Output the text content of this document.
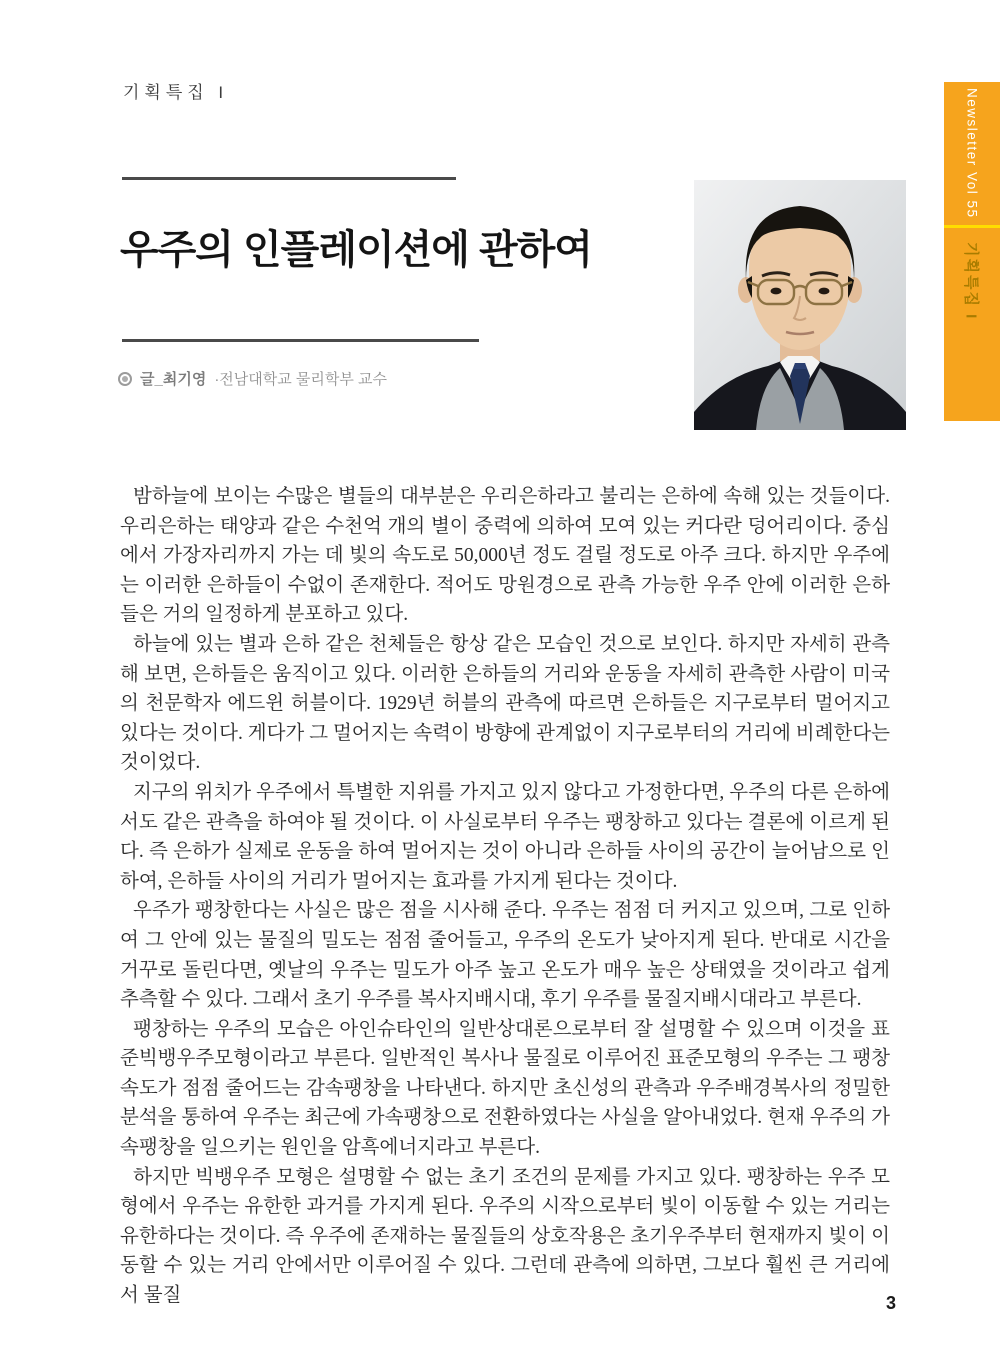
기획특집 I
우주의 인플레이션에 관하여
글_최기영 ·전남대학교 물리학부 교수
Newsletter Vol 55
기획특집 I

밤하늘에 보이는 수많은 별들의 대부분은 우리은하라고 불리는 은하에 속해 있는 것들이다. 우리은하는 태양과 같은 수천억 개의 별이 중력에 의하여 모여 있는 커다란 덩어리이다. 중심에서 가장자리까지 가는 데 빛의 속도로 50,000년 정도 걸릴 정도로 아주 크다. 하지만 우주에는 이러한 은하들이 수없이 존재한다. 적어도 망원경으로 관측 가능한 우주 안에 이러한 은하들은 거의 일정하게 분포하고 있다.

하늘에 있는 별과 은하 같은 천체들은 항상 같은 모습인 것으로 보인다. 하지만 자세히 관측해 보면, 은하들은 움직이고 있다. 이러한 은하들의 거리와 운동을 자세히 관측한 사람이 미국의 천문학자 에드윈 허블이다. 1929년 허블의 관측에 따르면 은하들은 지구로부터 멀어지고 있다는 것이다. 게다가 그 멀어지는 속력이 방향에 관계없이 지구로부터의 거리에 비례한다는 것이었다.

지구의 위치가 우주에서 특별한 지위를 가지고 있지 않다고 가정한다면, 우주의 다른 은하에서도 같은 관측을 하여야 될 것이다. 이 사실로부터 우주는 팽창하고 있다는 결론에 이르게 된다. 즉 은하가 실제로 운동을 하여 멀어지는 것이 아니라 은하들 사이의 공간이 늘어남으로 인하여, 은하들 사이의 거리가 멀어지는 효과를 가지게 된다는 것이다.

우주가 팽창한다는 사실은 많은 점을 시사해 준다. 우주는 점점 더 커지고 있으며, 그로 인하여 그 안에 있는 물질의 밀도는 점점 줄어들고, 우주의 온도가 낮아지게 된다. 반대로 시간을 거꾸로 돌린다면, 옛날의 우주는 밀도가 아주 높고 온도가 매우 높은 상태였을 것이라고 쉽게 추측할 수 있다. 그래서 초기 우주를 복사지배시대, 후기 우주를 물질지배시대라고 부른다.

팽창하는 우주의 모습은 아인슈타인의 일반상대론으로부터 잘 설명할 수 있으며 이것을 표준빅뱅우주모형이라고 부른다. 일반적인 복사나 물질로 이루어진 표준모형의 우주는 그 팽창속도가 점점 줄어드는 감속팽창을 나타낸다. 하지만 초신성의 관측과 우주배경복사의 정밀한 분석을 통하여 우주는 최근에 가속팽창으로 전환하였다는 사실을 알아내었다. 현재 우주의 가속팽창을 일으키는 원인을 암흑에너지라고 부른다.

하지만 빅뱅우주 모형은 설명할 수 없는 초기 조건의 문제를 가지고 있다. 팽창하는 우주 모형에서 우주는 유한한 과거를 가지게 된다. 우주의 시작으로부터 빛이 이동할 수 있는 거리는 유한하다는 것이다. 즉 우주에 존재하는 물질들의 상호작용은 초기우주부터 현재까지 빛이 이동할 수 있는 거리 안에서만 이루어질 수 있다. 그런데 관측에 의하면, 그보다 훨씬 큰 거리에서 물질	3
